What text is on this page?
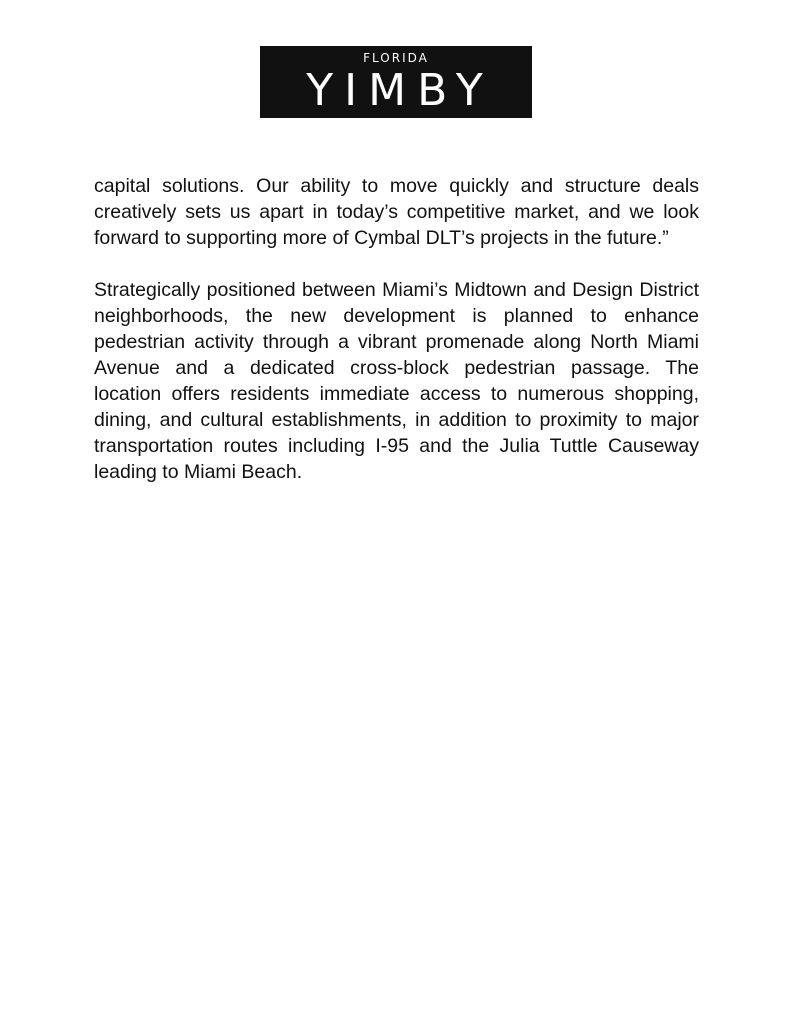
FLORIDA
YIMBY

capital solutions. Our ability to move quickly and structure deals creatively sets us apart in today’s competitive market, and we look forward to supporting more of Cymbal DLT’s projects in the future.”

Strategically positioned between Miami’s Midtown and Design District neighborhoods, the new development is planned to enhance pedestrian activity through a vibrant promenade along North Miami Avenue and a dedicated cross-block pedestrian passage. The location offers residents immediate access to numerous shopping, dining, and cultural establishments, in addition to proximity to major transportation routes including I-95 and the Julia Tuttle Causeway leading to Miami Beach.
